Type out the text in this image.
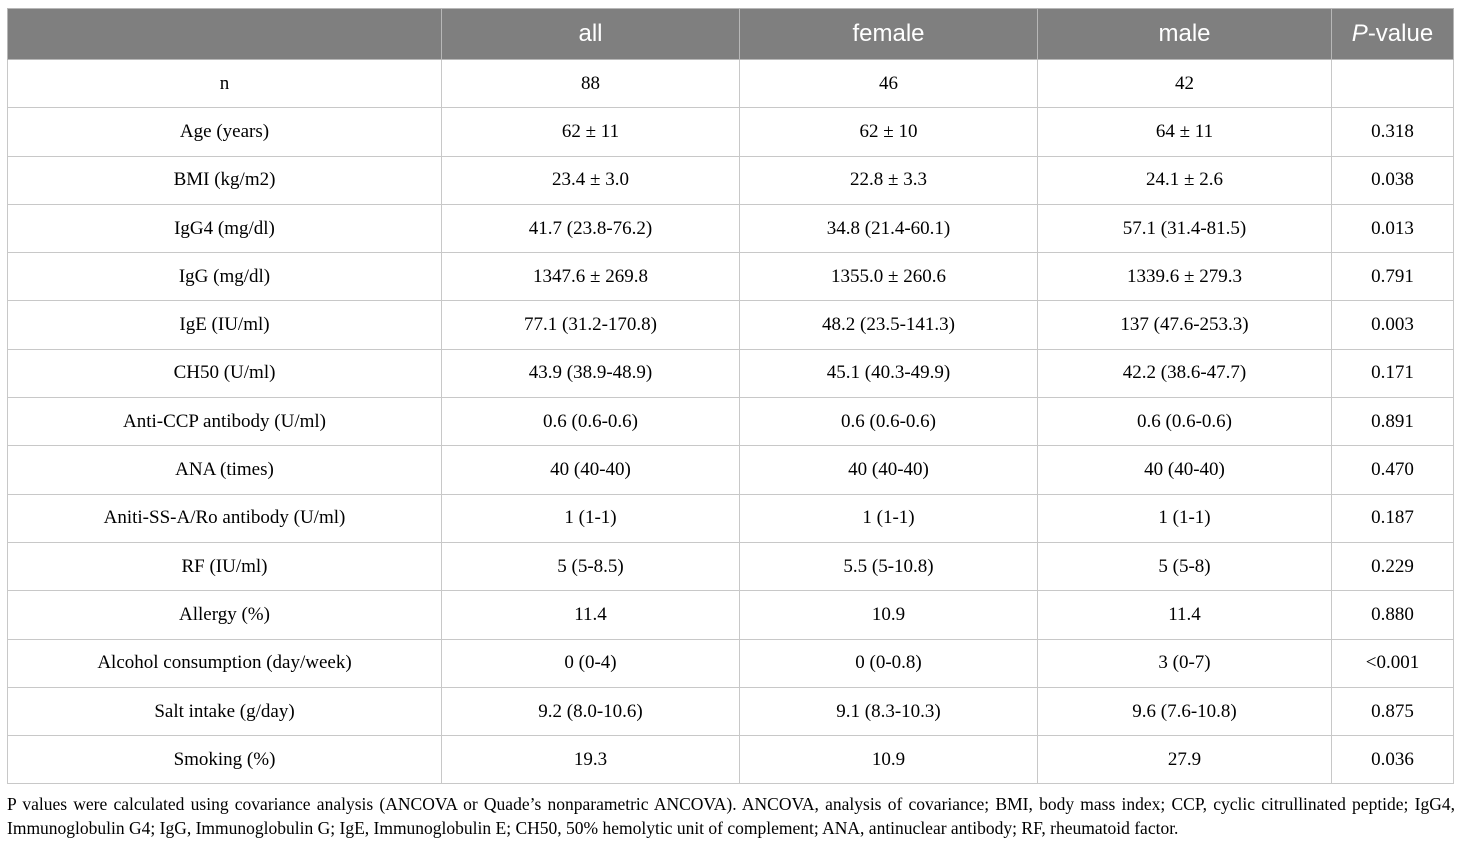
	all	female	male	P-value
n	88	46	42	
Age (years)	62 ± 11	62 ± 10	64 ± 11	0.318
BMI (kg/m2)	23.4 ± 3.0	22.8 ± 3.3	24.1 ± 2.6	0.038
IgG4 (mg/dl)	41.7 (23.8-76.2)	34.8 (21.4-60.1)	57.1 (31.4-81.5)	0.013
IgG (mg/dl)	1347.6 ± 269.8	1355.0 ± 260.6	1339.6 ± 279.3	0.791
IgE (IU/ml)	77.1 (31.2-170.8)	48.2 (23.5-141.3)	137 (47.6-253.3)	0.003
CH50 (U/ml)	43.9 (38.9-48.9)	45.1 (40.3-49.9)	42.2 (38.6-47.7)	0.171
Anti-CCP antibody (U/ml)	0.6 (0.6-0.6)	0.6 (0.6-0.6)	0.6 (0.6-0.6)	0.891
ANA (times)	40 (40-40)	40 (40-40)	40 (40-40)	0.470
Aniti-SS-A/Ro antibody (U/ml)	1 (1-1)	1 (1-1)	1 (1-1)	0.187
RF (IU/ml)	5 (5-8.5)	5.5 (5-10.8)	5 (5-8)	0.229
Allergy (%)	11.4	10.9	11.4	0.880
Alcohol consumption (day/week)	0 (0-4)	0 (0-0.8)	3 (0-7)	<0.001
Salt intake (g/day)	9.2 (8.0-10.6)	9.1 (8.3-10.3)	9.6 (7.6-10.8)	0.875
Smoking (%)	19.3	10.9	27.9	0.036
P values were calculated using covariance analysis (ANCOVA or Quade’s nonparametric ANCOVA). ANCOVA, analysis of covariance; BMI, body mass index; CCP, cyclic citrullinated peptide; IgG4, Immunoglobulin G4; IgG, Immunoglobulin G; IgE, Immunoglobulin E; CH50, 50% hemolytic unit of complement; ANA, antinuclear antibody; RF, rheumatoid factor.
